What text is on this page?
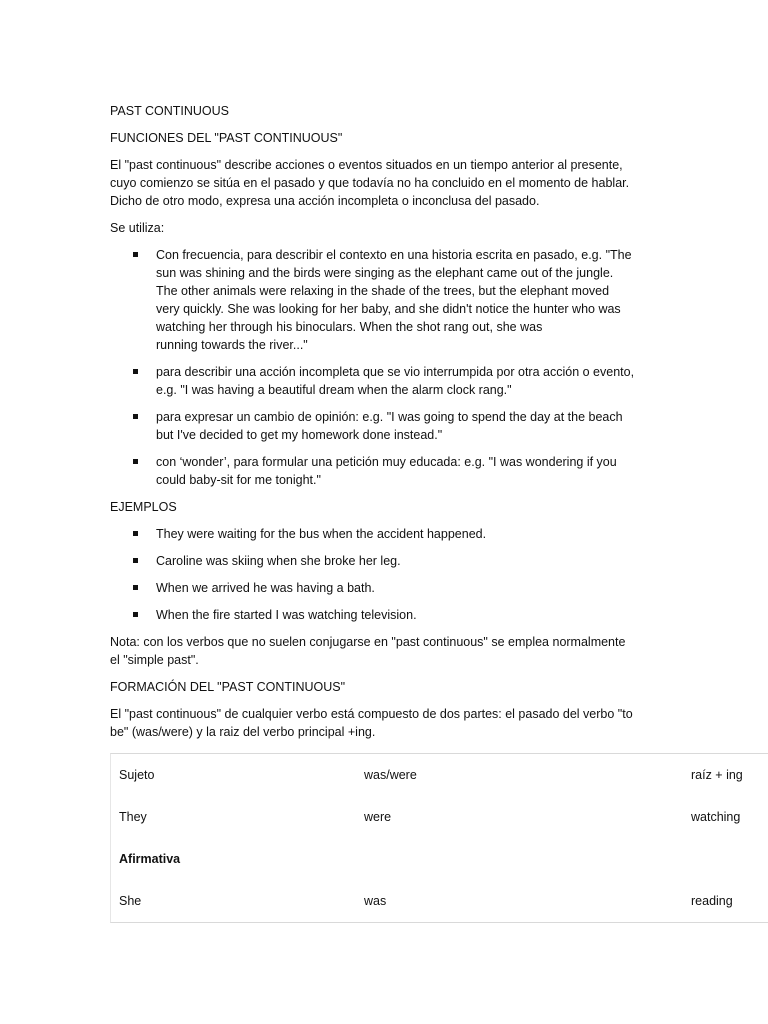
PAST CONTINUOUS

FUNCIONES DEL "PAST CONTINUOUS"

El "past continuous" describe acciones o eventos situados en un tiempo anterior al presente,
cuyo comienzo se sitúa en el pasado y que todavía no ha concluido en el momento de hablar.
Dicho de otro modo, expresa una acción incompleta o inconclusa del pasado.

Se utiliza:

Con frecuencia, para describir el contexto en una historia escrita en pasado, e.g. "The
sun was shining and the birds were singing as the elephant came out of the jungle.
The other animals were relaxing in the shade of the trees, but the elephant moved
very quickly. She was looking for her baby, and she didn't notice the hunter who was
watching her through his binoculars. When the shot rang out, she was
running towards the river..."
para describir una acción incompleta que se vio interrumpida por otra acción o evento,
e.g. "I was having a beautiful dream when the alarm clock rang."
para expresar un cambio de opinión: e.g. "I was going to spend the day at the beach
but I've decided to get my homework done instead."
con ‘wonder’, para formular una petición muy educada: e.g. "I was wondering if you
could baby-sit for me tonight."

EJEMPLOS

They were waiting for the bus when the accident happened.
Caroline was skiing when she broke her leg.
When we arrived he was having a bath.
When the fire started I was watching television.

Nota: con los verbos que no suelen conjugarse en "past continuous" se emplea normalmente
el "simple past".

FORMACIÓN DEL "PAST CONTINUOUS"

El "past continuous" de cualquier verbo está compuesto de dos partes: el pasado del verbo "to
be" (was/were) y la raiz del verbo principal +ing.

Sujeto	was/were	raíz + ing
They	were	watching
Afirmativa
She	was	reading
